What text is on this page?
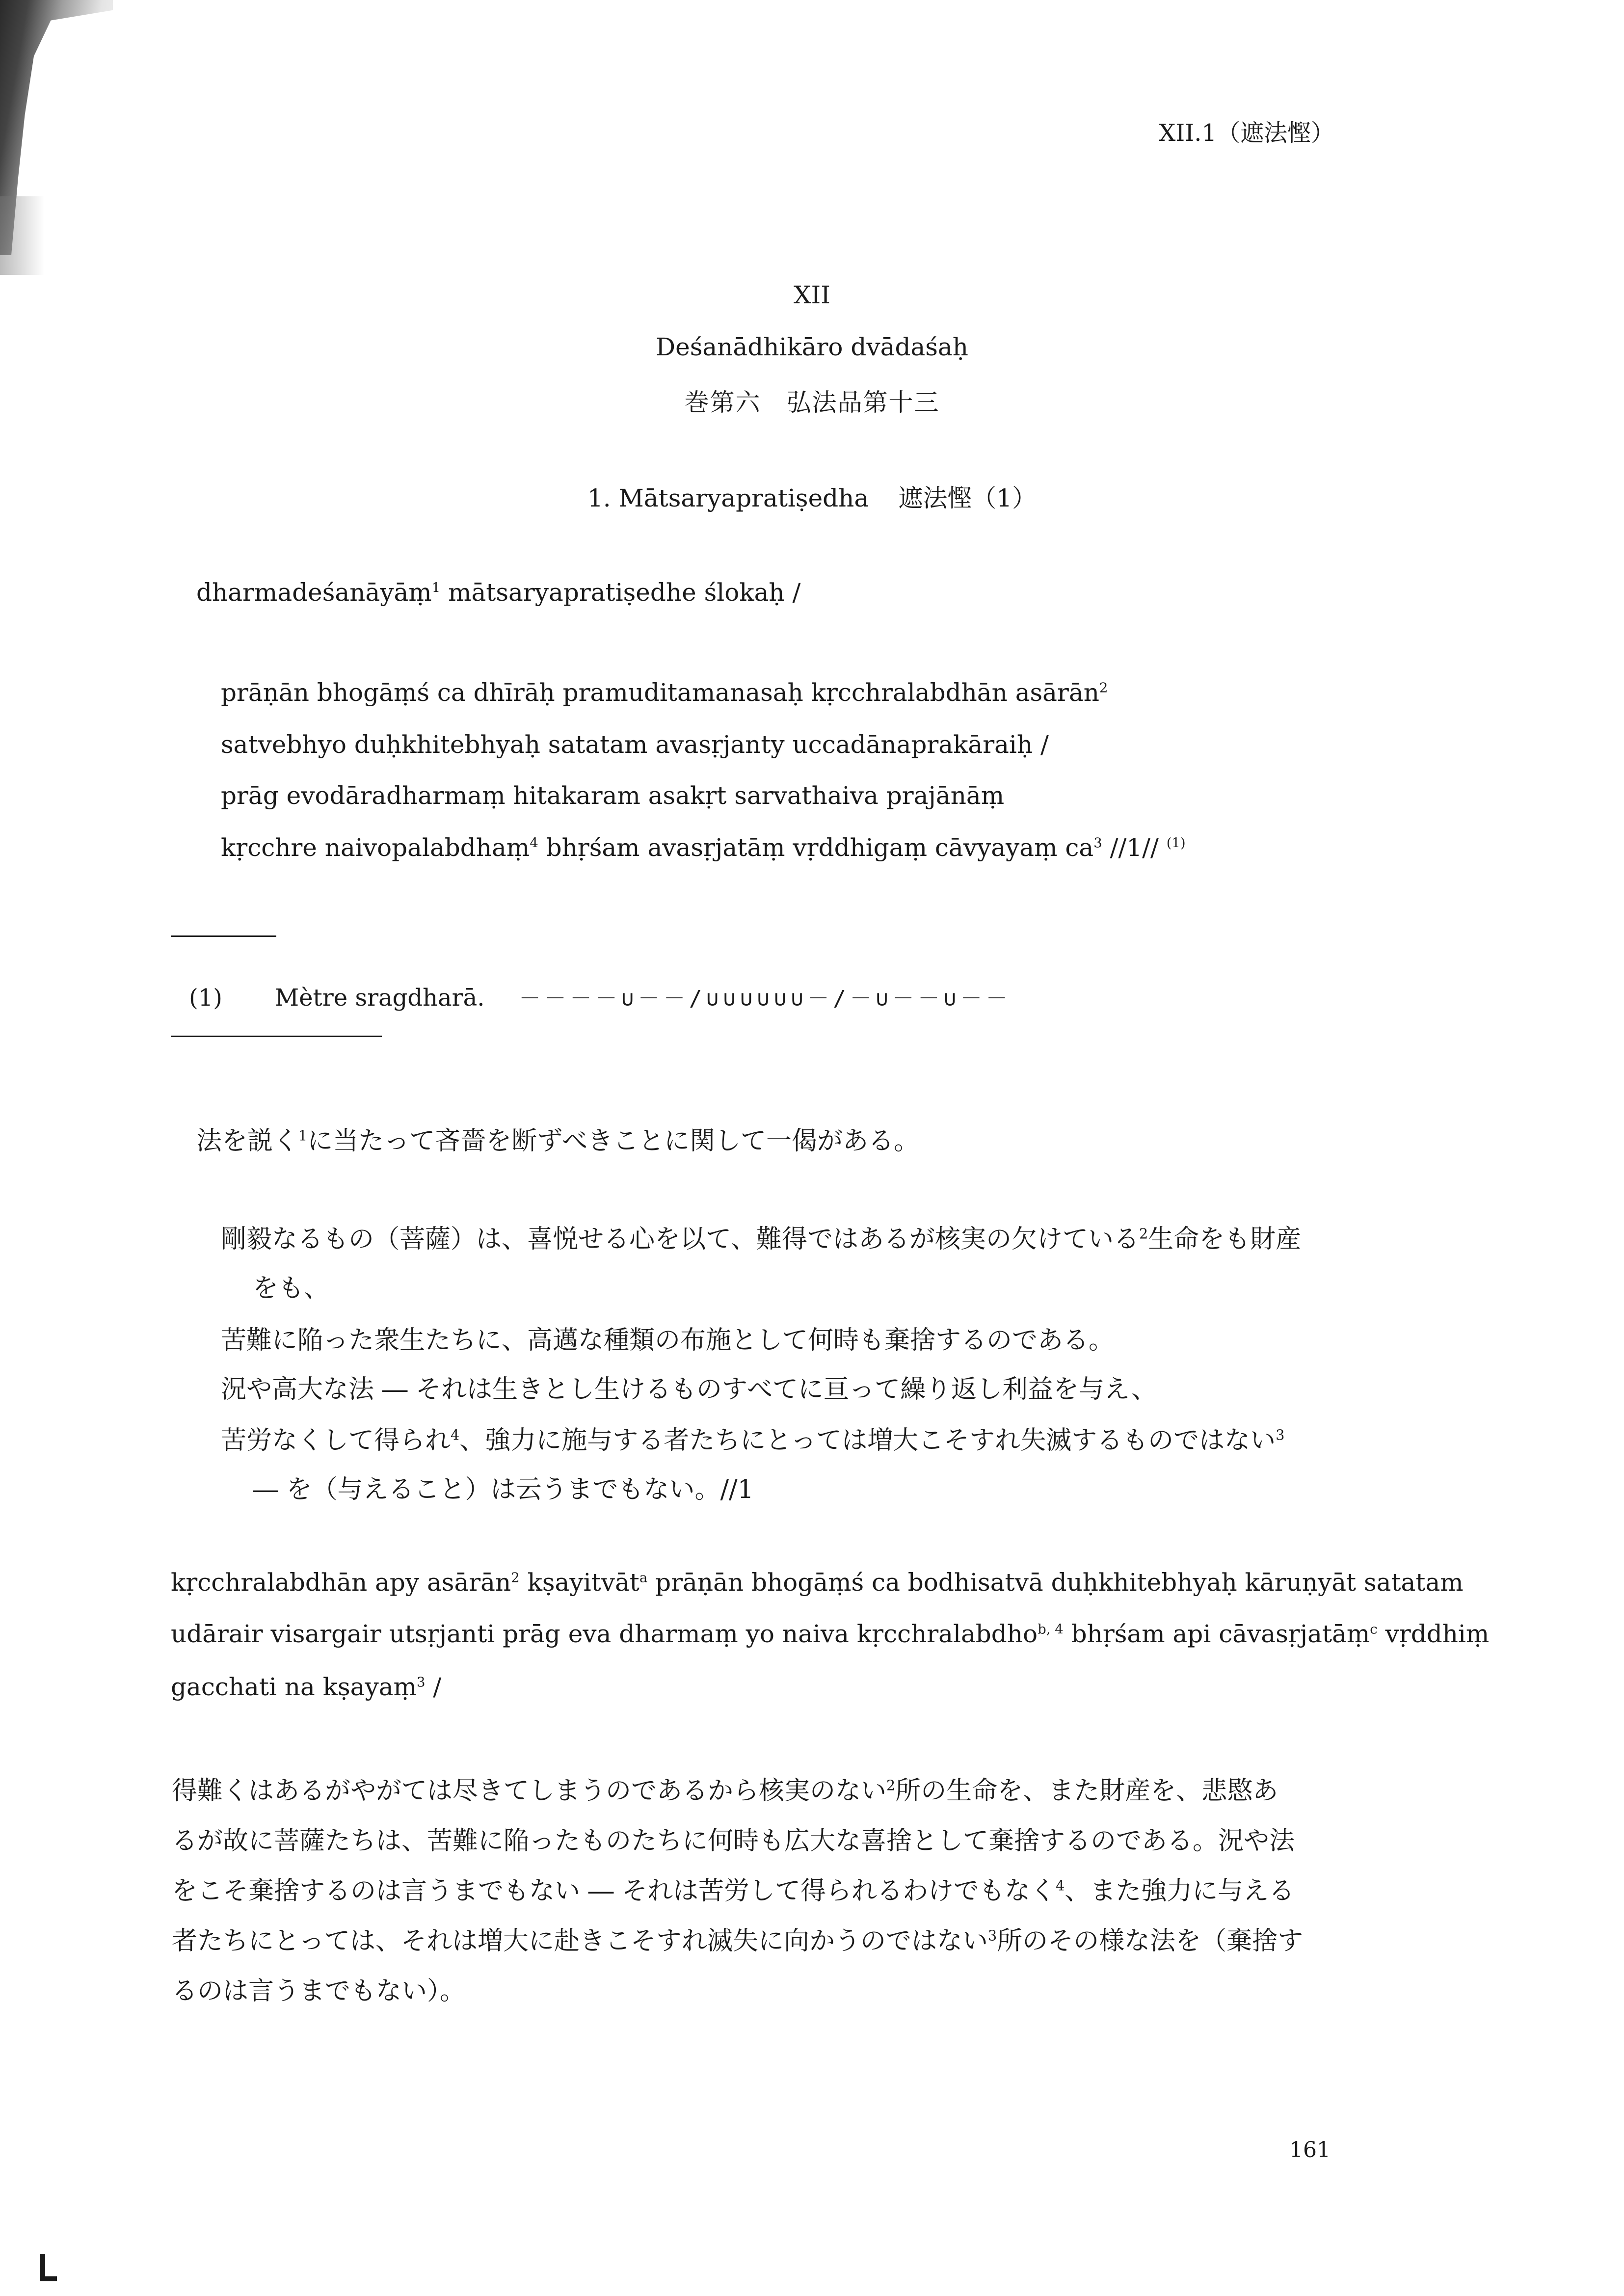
XII.1（遮法慳）
XII
Deśanādhikāro dvādaśaḥ
巻第六　弘法品第十三
1. Mātsaryapratiṣedha 遮法慳（1）
dharmadeśanāyāṃ$^1$ mātsaryapratiṣedhe ślokaḥ /
prāṇān bhogāṃś ca dhīrāḥ pramuditamanasaḥ kṛcchralabdhān asārān$^2$
satvebhyo duḥkhitebhyaḥ satatam avasṛjanty uccadānaprakāraiḥ /
prāg evodāradharmaṃ hitakaram asakṛt sarvathaiva prajānāṃ
kṛcchre naivopalabdhaṃ$^4$ bhṛśam avasṛjatāṃ vṛddhigaṃ cāvyayaṃ $ca^3$ //1// $^{(1)}$
(1) Mètre sragdharā. －－－－∪－－/∪∪∪∪∪∪－/－∪－－∪－－
法を説く$^1$に当たって吝嗇を断ずべきことに関して一偈がある。
剛毅なるもの（菩薩）は、喜悦せる心を以て、難得ではあるが核実の欠けている$^2$生命をも財産
をも、
苦難に陥った衆生たちに、高邁な種類の布施として何時も棄捨するのである。
況や高大な法 ― それは生きとし生けるものすべてに亘って繰り返し利益を与え、
苦労なくして得られ$^4$、強力に施与する者たちにとっては増大こそすれ失滅するものではない$^3$
― を（与えること）は云うまでもない。//1
kṛcchralabdhān apy asārān$^2$ kṣayitvāt$^a$ prāṇān bhogāṃś ca bodhisatvā duḥkhitebhyaḥ kāruṇyāt satatam
udārair visargair utsṛjanti prāg eva dharmaṃ yo naiva kṛcchralabdho$^{b, 4}$ bhṛśam api cāvasṛjatāṃ$^c$ vṛddhiṃ
gacchati na kṣayaṃ$^3$ /
得難くはあるがやがては尽きてしまうのであるから核実のない$^2$所の生命を、また財産を、悲愍あ
るが故に菩薩たちは、苦難に陥ったものたちに何時も広大な喜捨として棄捨するのである。況や法
をこそ棄捨するのは言うまでもない ― それは苦労して得られるわけでもなく$^4$、また強力に与える
者たちにとっては、それは増大に赴きこそすれ滅失に向かうのではない$^3$所のその様な法を（棄捨す
るのは言うまでもない）。
161
